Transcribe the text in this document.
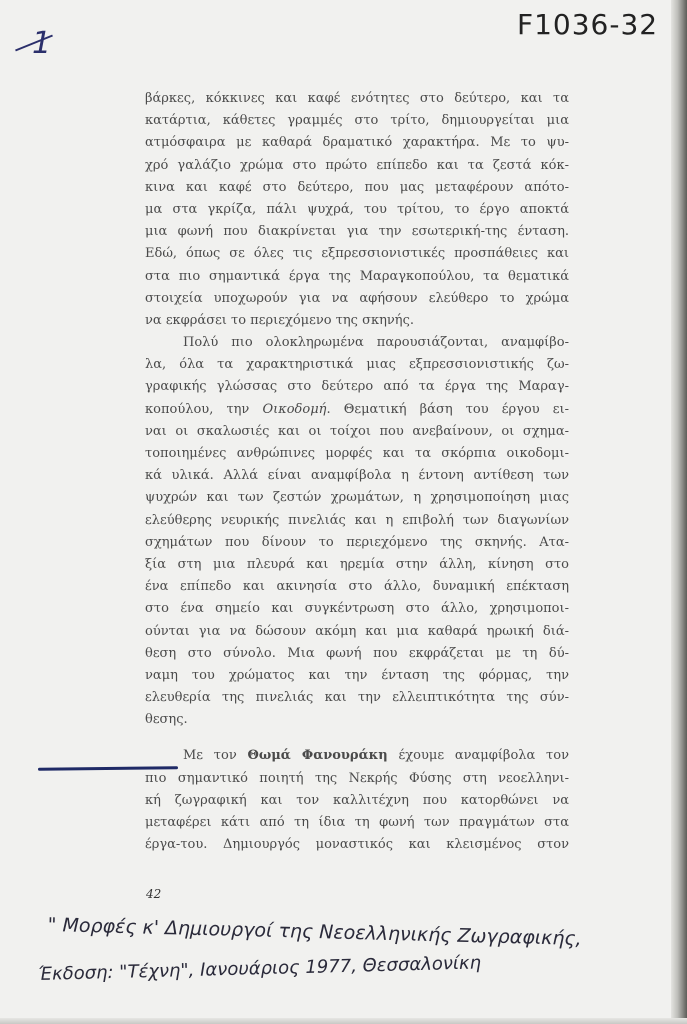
F1036-32
1
βάρκες, κόκκινες και καφέ ενότητες στο δεύτερο, και τα
κατάρτια, κάθετες γραμμές στο τρίτο, δημιουργείται μια
ατμόσφαιρα με καθαρά δραματικό χαρακτήρα. Με το ψυ-
χρό γαλάζιο χρώμα στο πρώτο επίπεδο και τα ζεστά κόκ-
κινα και καφέ στο δεύτερο, που μας μεταφέρουν απότο-
μα στα γκρίζα, πάλι ψυχρά, του τρίτου, το έργο αποκτά
μια φωνή που διακρίνεται για την εσωτερική-της ένταση.
Εδώ, όπως σε όλες τις εξπρεσσιονιστικές προσπάθειες και
στα πιο σημαντικά έργα της Μαραγκοπούλου, τα θεματικά
στοιχεία υποχωρούν για να αφήσουν ελεύθερο το χρώμα
να εκφράσει το περιεχόμενο της σκηνής.
Πολύ πιο ολοκληρωμένα παρουσιάζονται, αναμφίβο-
λα, όλα τα χαρακτηριστικά μιας εξπρεσσιονιστικής ζω-
γραφικής γλώσσας στο δεύτερο από τα έργα της Μαραγ-
κοπούλου, την Οικοδομή. Θεματική βάση του έργου ει-
ναι οι σκαλωσιές και οι τοίχοι που ανεβαίνουν, οι σχημα-
τοποιημένες ανθρώπινες μορφές και τα σκόρπια οικοδομι-
κά υλικά. Αλλά είναι αναμφίβολα η έντονη αντίθεση των
ψυχρών και των ζεστών χρωμάτων, η χρησιμοποίηση μιας
ελεύθερης νευρικής πινελιάς και η επιβολή των διαγωνίων
σχημάτων που δίνουν το περιεχόμενο της σκηνής. Ατα-
ξία στη μια πλευρά και ηρεμία στην άλλη, κίνηση στο
ένα επίπεδο και ακινησία στο άλλο, δυναμική επέκταση
στο ένα σημείο και συγκέντρωση στο άλλο, χρησιμοποι-
ούνται για να δώσουν ακόμη και μια καθαρά ηρωική διά-
θεση στο σύνολο. Μια φωνή που εκφράζεται με τη δύ-
ναμη του χρώματος και την ένταση της φόρμας, την
ελευθερία της πινελιάς και την ελλειπτικότητα της σύν-
θεσης.
Με τον Θωμά Φανουράκη έχουμε αναμφίβολα τον
πιο σημαντικό ποιητή της Νεκρής Φύσης στη νεοελληνι-
κή ζωγραφική και τον καλλιτέχνη που κατορθώνει να
μεταφέρει κάτι από τη ίδια τη φωνή των πραγμάτων στα
έργα-του. Δημιουργός μοναστικός και κλεισμένος στον
42
" Μορφές κ' Δημιουργοί της Νεοελληνικής Ζωγραφικής,
Έκδοση: "Τέχνη", Ιανουάριος 1977, Θεσσαλονίκη
